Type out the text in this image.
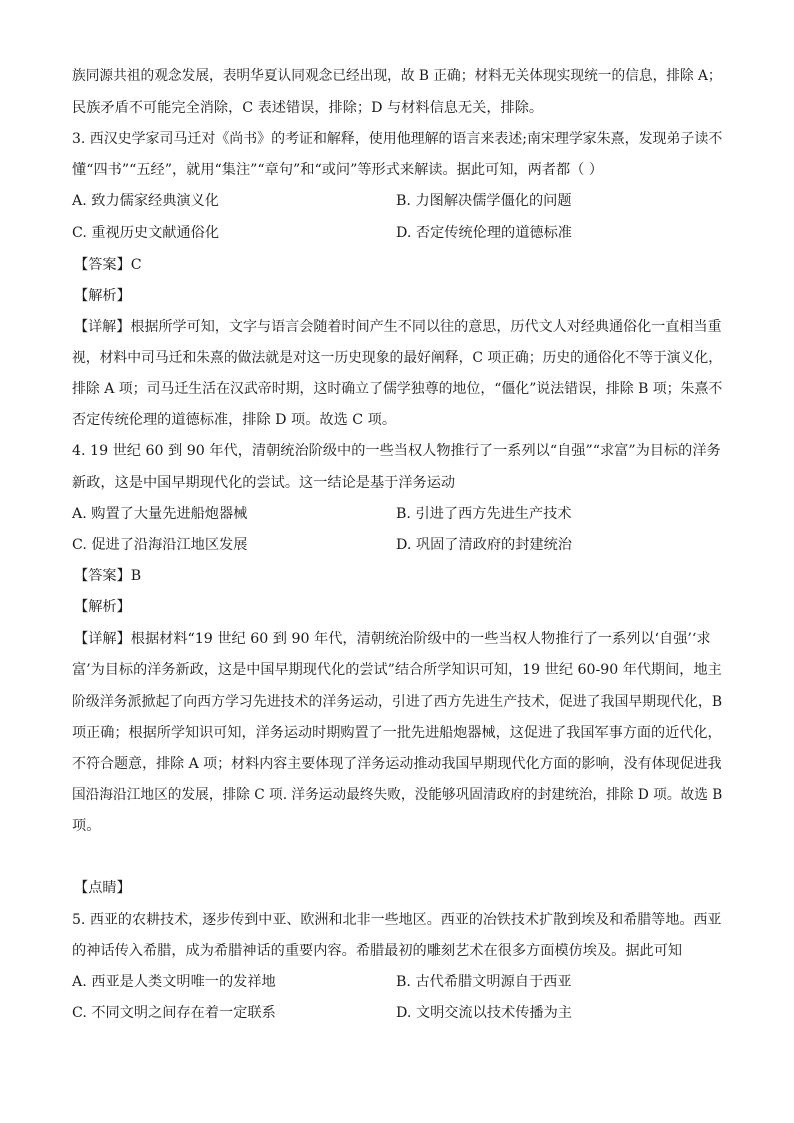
族同源共祖的观念发展，表明华夏认同观念已经出现，故 B 正确；材料无关体现实现统一的信息，排除 A；
民族矛盾不可能完全消除，C 表述错误，排除；D 与材料信息无关，排除。
3. 西汉史学家司马迁对《尚书》的考证和解释，使用他理解的语言来表述;南宋理学家朱熹，发现弟子读不
懂“四书”“五经”，就用“集注”“章句”和“或问”等形式来解读。据此可知，两者都（ ）
A. 致力儒家经典演义化	B. 力图解决儒学僵化的问题
C. 重视历史文献通俗化	D. 否定传统伦理的道德标准
【答案】C
【解析】
【详解】根据所学可知，文字与语言会随着时间产生不同以往的意思，历代文人对经典通俗化一直相当重
视，材料中司马迁和朱熹的做法就是对这一历史现象的最好阐释，C 项正确；历史的通俗化不等于演义化，
排除 A 项；司马迁生活在汉武帝时期，这时确立了儒学独尊的地位，“僵化”说法错误，排除 B 项；朱熹不
否定传统伦理的道德标准，排除 D 项。故选 C 项。
4. 19 世纪 60 到 90 年代，清朝统治阶级中的一些当权人物推行了一系列以“自强”“求富”为目标的洋务
新政，这是中国早期现代化的尝试。这一结论是基于洋务运动
A. 购置了大量先进船炮器械	B. 引进了西方先进生产技术
C. 促进了沿海沿江地区发展	D. 巩固了清政府的封建统治
【答案】B
【解析】
【详解】根据材料“19 世纪 60 到 90 年代，清朝统治阶级中的一些当权人物推行了一系列以‘自强’‘求
富’为目标的洋务新政，这是中国早期现代化的尝试”结合所学知识可知，19 世纪 60-90 年代期间，地主
阶级洋务派掀起了向西方学习先进技术的洋务运动，引进了西方先进生产技术，促进了我国早期现代化，B
项正确；根据所学知识可知，洋务运动时期购置了一批先进船炮器械，这促进了我国军事方面的近代化，
不符合题意，排除 A 项；材料内容主要体现了洋务运动推动我国早期现代化方面的影响，没有体现促进我
国沿海沿江地区的发展，排除 C 项. 洋务运动最终失败，没能够巩固清政府的封建统治，排除 D 项。故选 B
项。
【点睛】
5. 西亚的农耕技术，逐步传到中亚、欧洲和北非一些地区。西亚的冶铁技术扩散到埃及和希腊等地。西亚
的神话传入希腊，成为希腊神话的重要内容。希腊最初的雕刻艺术在很多方面模仿埃及。据此可知
A. 西亚是人类文明唯一的发祥地	B. 古代希腊文明源自于西亚
C. 不同文明之间存在着一定联系	D. 文明交流以技术传播为主
